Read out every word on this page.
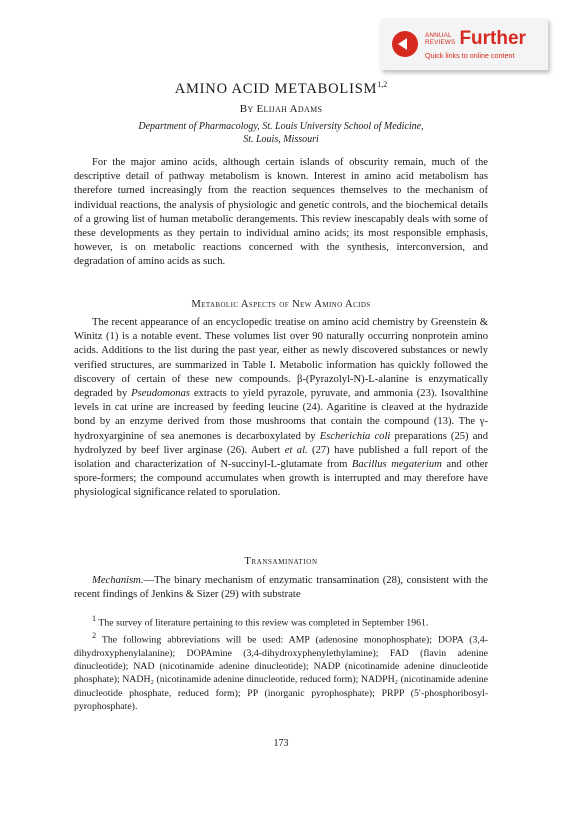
ANNUAL
REVIEWS Further
Quick links to online content
AMINO ACID METABOLISM$^{1,2}$
By Elijah Adams
Department of Pharmacology, St. Louis University School of Medicine,
St. Louis, Missouri

For the major amino acids, although certain islands of obscurity remain, much of the descriptive detail of pathway metabolism is known. Interest in amino acid metabolism has therefore turned increasingly from the reaction sequences themselves to the mechanism of individual reactions, the analysis of physiologic and genetic controls, and the biochemical details of a growing list of human metabolic derangements. This review inescapably deals with some of these developments as they pertain to individual amino acids; its most responsible emphasis, however, is on metabolic reactions concerned with the synthesis, interconversion, and degradation of amino acids as such.

Metabolic Aspects of New Amino Acids

The recent appearance of an encyclopedic treatise on amino acid chemistry by Greenstein & Winitz (1) is a notable event. These volumes list over 90 naturally occurring nonprotein amino acids. Additions to the list during the past year, either as newly discovered substances or newly verified structures, are summarized in Table I. Metabolic information has quickly followed the discovery of certain of these new compounds. β-(Pyrazolyl-N)-L-alanine is enzymatically degraded by Pseudomonas extracts to yield pyrazole, pyruvate, and ammonia (23). Isovalthine levels in cat urine are increased by feeding leucine (24). Agaritine is cleaved at the hydrazide bond by an enzyme derived from those mushrooms that contain the compound (13). The γ-hydroxyarginine of sea anemones is decarboxylated by Escherichia coli preparations (25) and hydrolyzed by beef liver arginase (26). Aubert et al. (27) have published a full report of the isolation and characterization of N-succinyl-L-glutamate from Bacillus megaterium and other spore-formers; the compound accumulates when growth is interrupted and may therefore have physiological significance related to sporulation.

Transamination

Mechanism.—The binary mechanism of enzymatic transamination (28), consistent with the recent findings of Jenkins & Sizer (29) with substrate

$^1$ The survey of literature pertaining to this review was completed in September 1961.

$^2$ The following abbreviations will be used: AMP (adenosine monophosphate); DOPA (3,4-dihydroxyphenylalanine); DOPAmine (3,4-dihydroxyphenylethylamine); FAD (flavin adenine dinucleotide); NAD (nicotinamide adenine dinucleotide); NADP (nicotinamide adenine dinucleotide phosphate); NADH₂ (nicotinamide adenine dinucleotide, reduced form); NADPH₂ (nicotinamide adenine dinucleotide phosphate, reduced form); PP (inorganic pyrophosphate); PRPP (5′-phosphoribosyl-pyrophosphate).

173
